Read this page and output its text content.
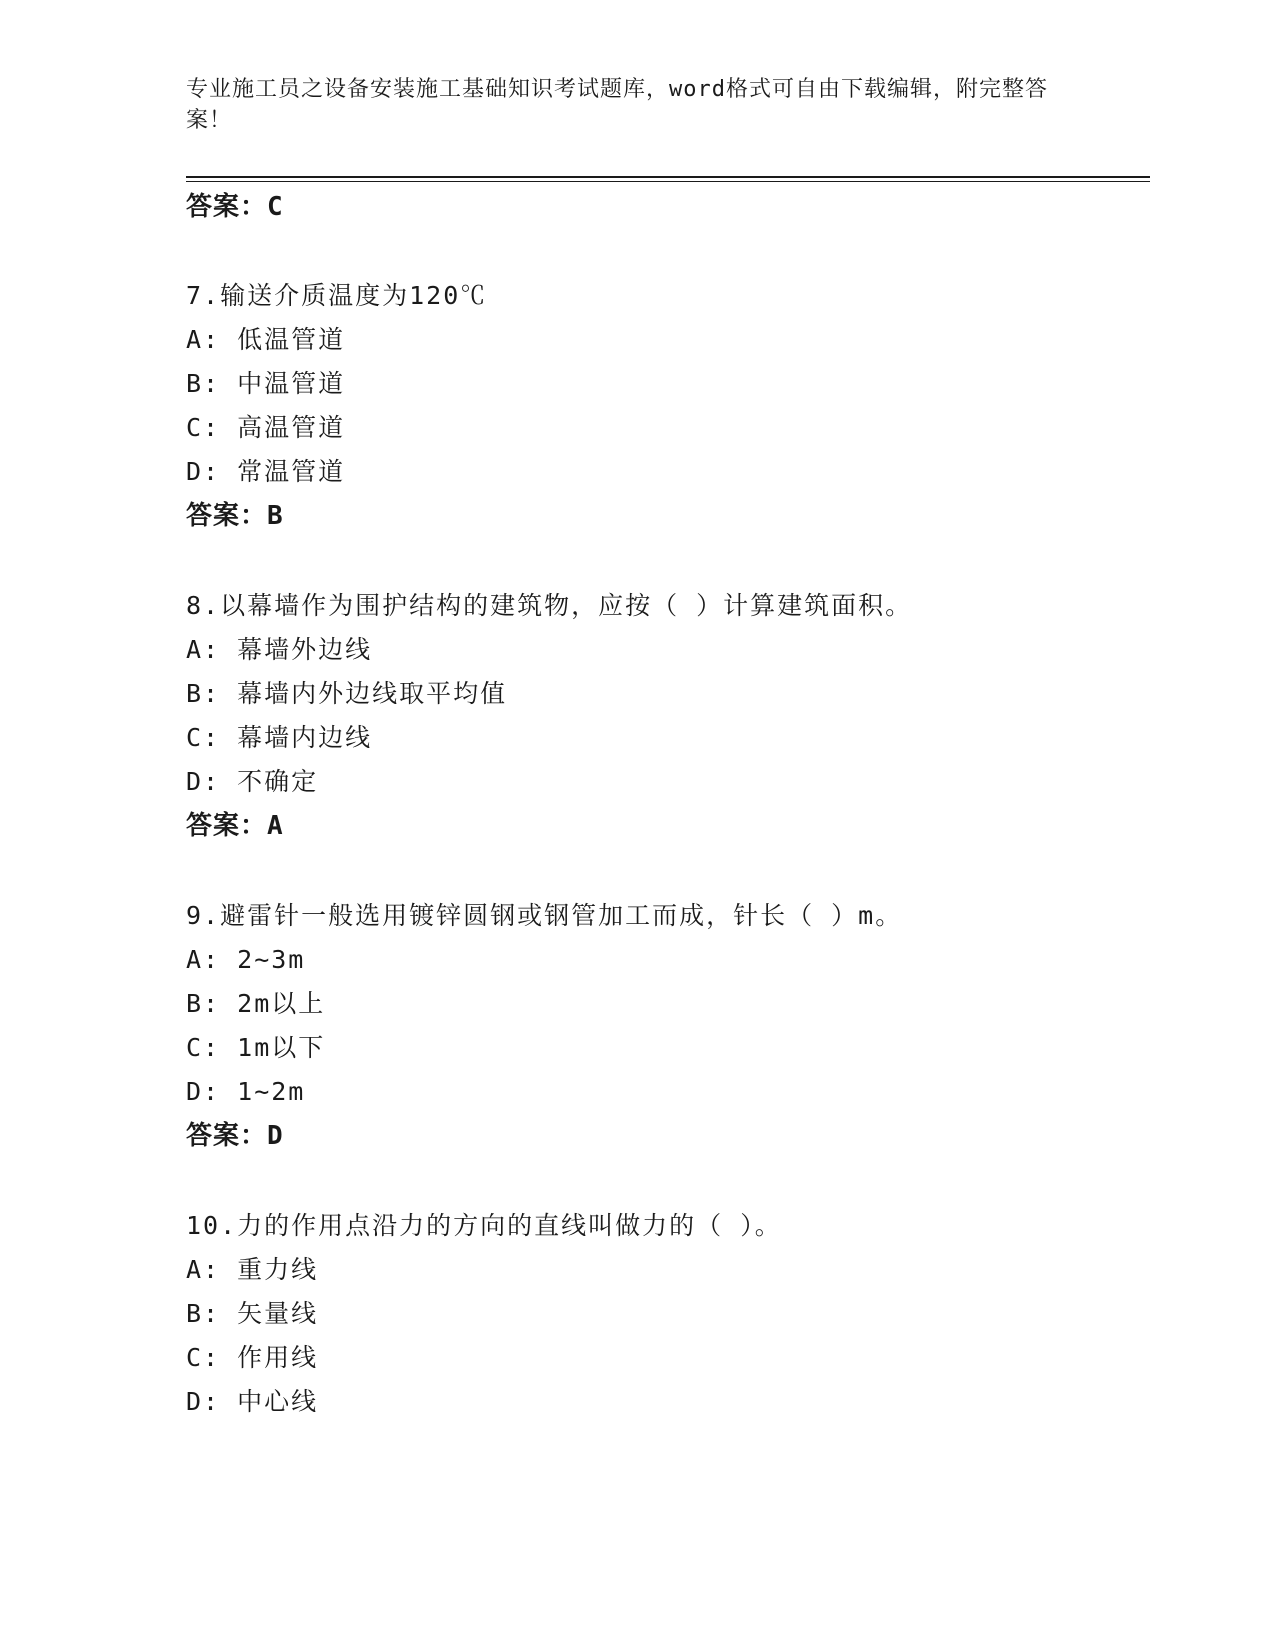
专业施工员之设备安装施工基础知识考试题库，word格式可自由下载编辑，附完整答案！
答案：C
7.输送介质温度为120℃
A: 低温管道
B: 中温管道
C: 高温管道
D: 常温管道
答案：B
8.以幕墙作为围护结构的建筑物，应按（ ）计算建筑面积。
A: 幕墙外边线
B: 幕墙内外边线取平均值
C: 幕墙内边线
D: 不确定
答案：A
9.避雷针一般选用镀锌圆钢或钢管加工而成，针长（ ）m。
A: 2~3m
B: 2m以上
C: 1m以下
D: 1~2m
答案：D
10.力的作用点沿力的方向的直线叫做力的（ ）。
A: 重力线
B: 矢量线
C: 作用线
D: 中心线
